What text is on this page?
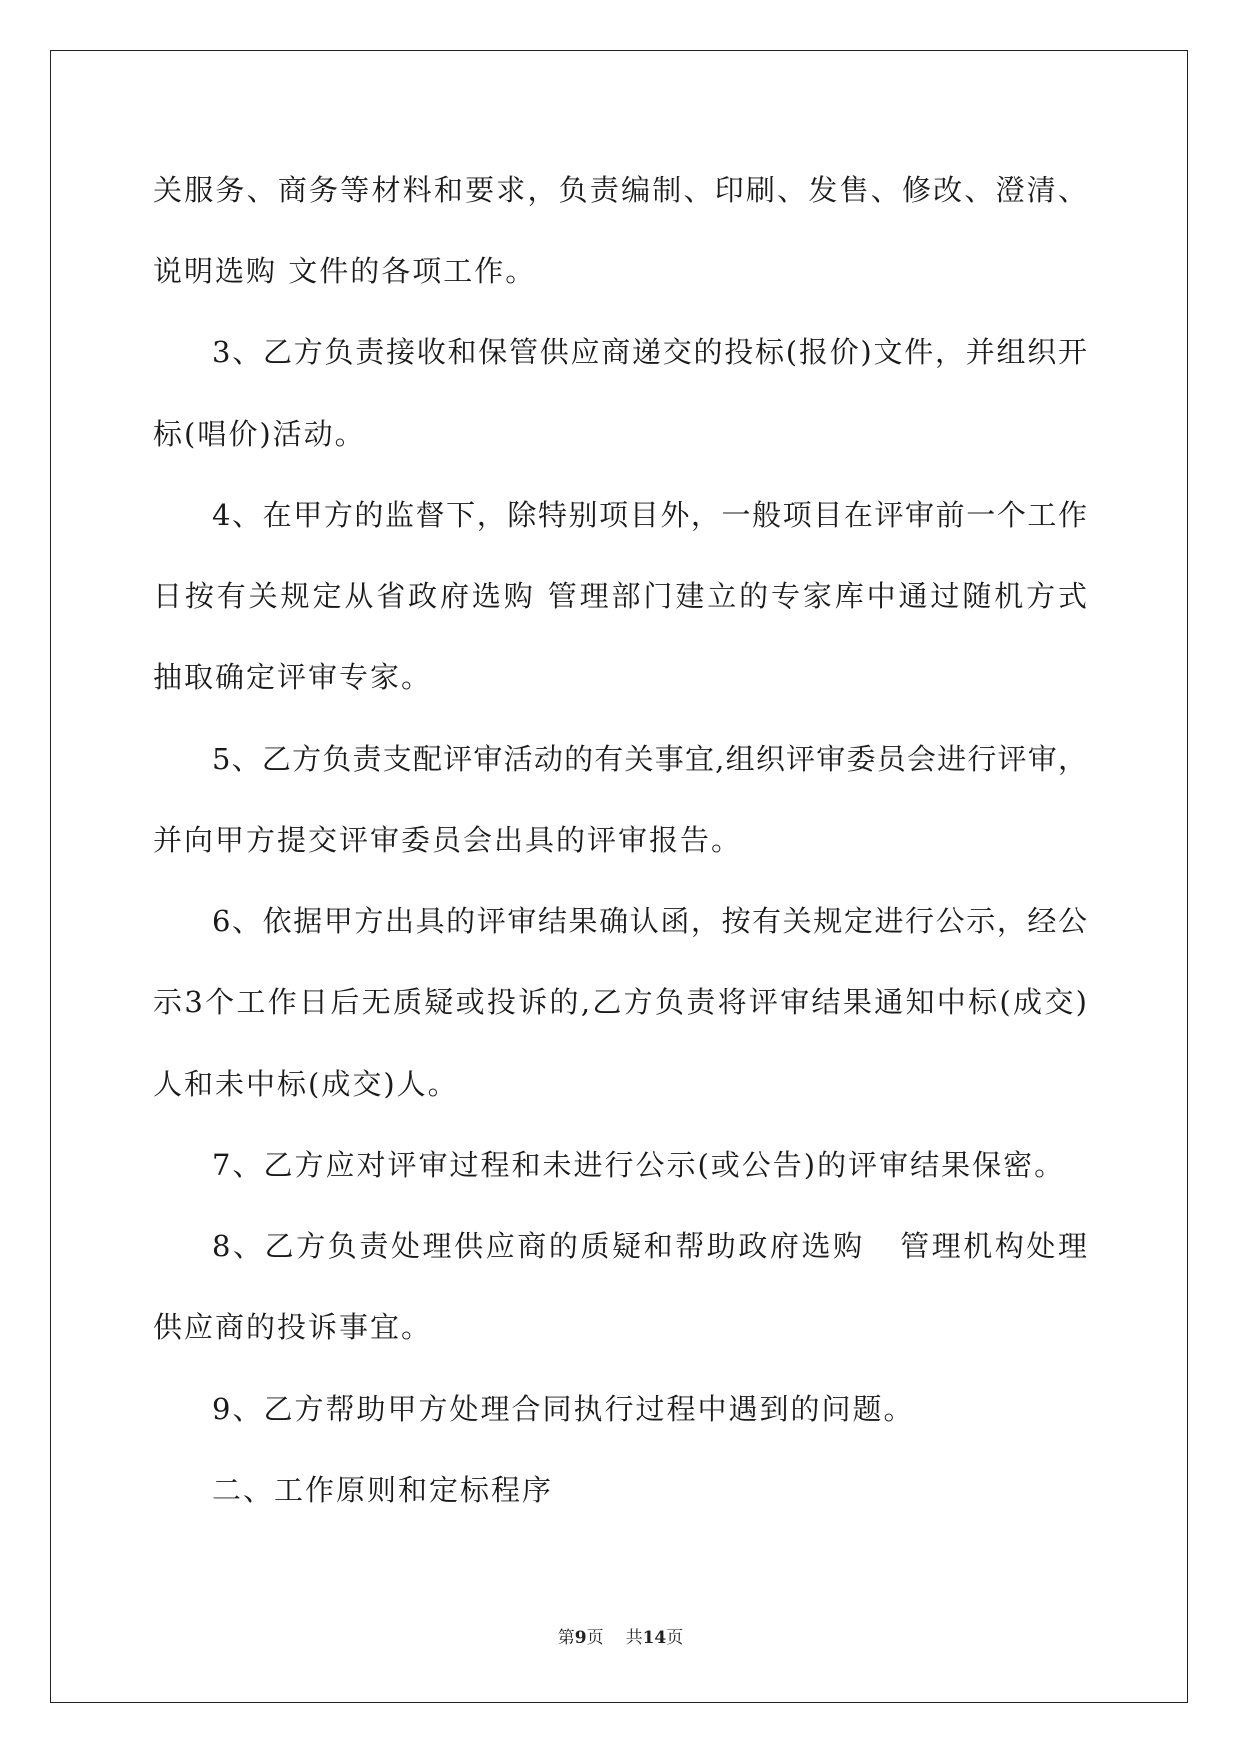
关服务、商务等材料和要求，负责编制、印刷、发售、修改、澄清、
说明选购 文件的各项工作。
3、乙方负责接收和保管供应商递交的投标(报价)文件，并组织开
标(唱价)活动。
4、在甲方的监督下，除特别项目外，一般项目在评审前一个工作
日按有关规定从省政府选购 管理部门建立的专家库中通过随机方式
抽取确定评审专家。
5、乙方负责支配评审活动的有关事宜,组织评审委员会进行评审，
并向甲方提交评审委员会出具的评审报告。
6、依据甲方出具的评审结果确认函，按有关规定进行公示，经公
示3个工作日后无质疑或投诉的,乙方负责将评审结果通知中标(成交)
人和未中标(成交)人。
7、乙方应对评审过程和未进行公示(或公告)的评审结果保密。
8、乙方负责处理供应商的质疑和帮助政府选购   管理机构处理
供应商的投诉事宜。
9、乙方帮助甲方处理合同执行过程中遇到的问题。
二、工作原则和定标程序
第9页 共14页
